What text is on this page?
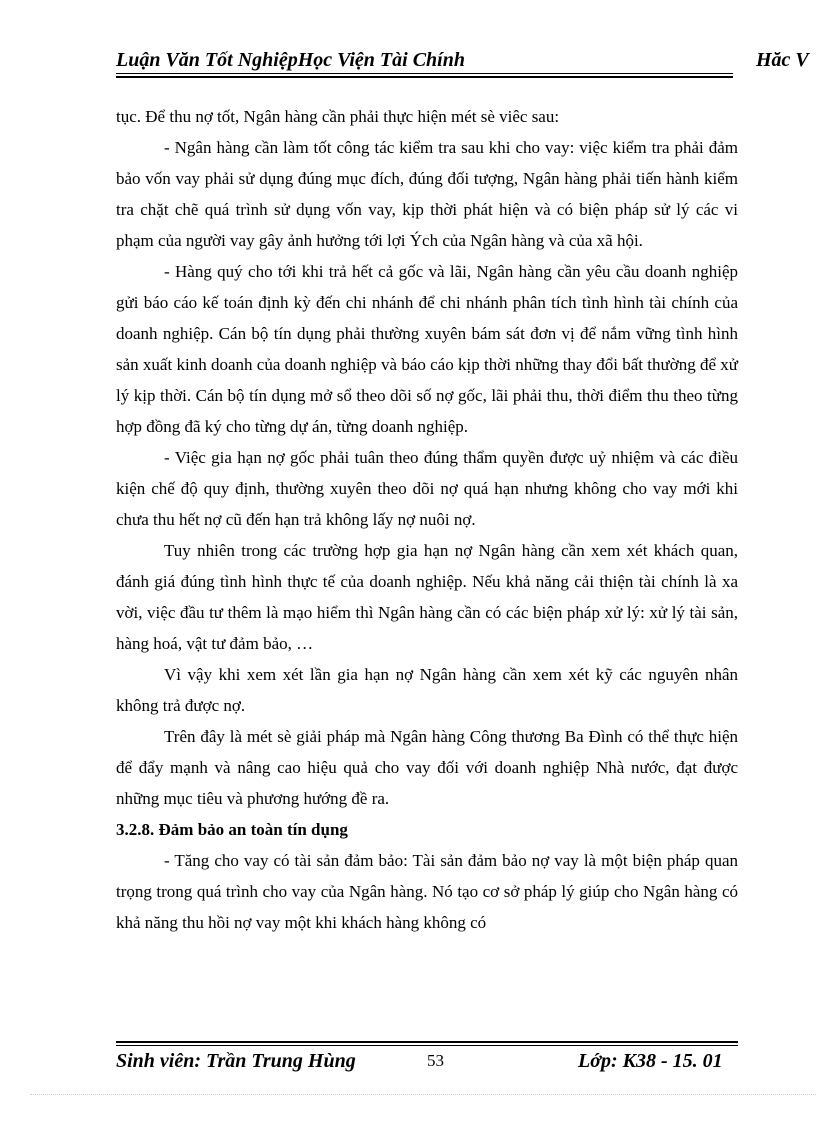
Luận Văn Tốt NghiệpHọc Viện Tài Chính	Hăc V

tục. Để thu nợ tốt, Ngân hàng cần phải thực hiện mét sè viêc sau:

- Ngân hàng cần làm tốt công tác kiểm tra sau khi cho vay: việc kiểm tra phải đảm bảo vốn vay phải sử dụng đúng mục đích, đúng đối tượng, Ngân hàng phải tiến hành kiểm tra chặt chẽ quá trình sử dụng vốn vay, kịp thời phát hiện và có biện pháp sử lý các vi phạm của người vay gây ảnh hưởng tới lợi Ých của Ngân hàng và của xã hội.

- Hàng quý cho tới khi trả hết cả gốc và lãi, Ngân hàng cần yêu cầu doanh nghiệp gửi báo cáo kế toán định kỳ đến chi nhánh để chi nhánh phân tích tình hình tài chính của doanh nghiệp. Cán bộ tín dụng phải thường xuyên bám sát đơn vị để nắm vững tình hình sản xuất kinh doanh của doanh nghiệp và báo cáo kịp thời những thay đổi bất thường để xử lý kịp thời. Cán bộ tín dụng mở sổ theo dõi số nợ gốc, lãi phải thu, thời điểm thu theo từng hợp đồng đã ký cho từng dự án, từng doanh nghiệp.

- Việc gia hạn nợ gốc phải tuân theo đúng thẩm quyền được uỷ nhiệm và các điều kiện chế độ quy định, thường xuyên theo dõi nợ quá hạn nhưng không cho vay mới khi chưa thu hết nợ cũ đến hạn trả không lấy nợ nuôi nợ.

Tuy nhiên trong các trường hợp gia hạn nợ Ngân hàng cần xem xét khách quan, đánh giá đúng tình hình thực tế của doanh nghiệp. Nếu khả năng cải thiện tài chính là xa vời, việc đầu tư thêm là mạo hiểm thì Ngân hàng cần có các biện pháp xử lý: xử lý tài sản, hàng hoá, vật tư đảm bảo, …

Vì vậy khi xem xét lần gia hạn nợ Ngân hàng cần xem xét kỹ các nguyên nhân không trả được nợ.

Trên đây là mét sè giải pháp mà Ngân hàng Công thương Ba Đình có thể thực hiện để đẩy mạnh và nâng cao hiệu quả cho vay đối với doanh nghiệp Nhà nước, đạt được những mục tiêu và phương hướng đề ra.

3.2.8. Đảm bảo an toàn tín dụng

- Tăng cho vay có tài sản đảm bảo: Tài sản đảm bảo nợ vay là một biện pháp quan trọng trong quá trình cho vay của Ngân hàng. Nó tạo cơ sở pháp lý giúp cho Ngân hàng có khả năng thu hồi nợ vay một khi khách hàng không có

Sinh viên: Trần Trung Hùng	53	Lớp: K38 - 15. 01
